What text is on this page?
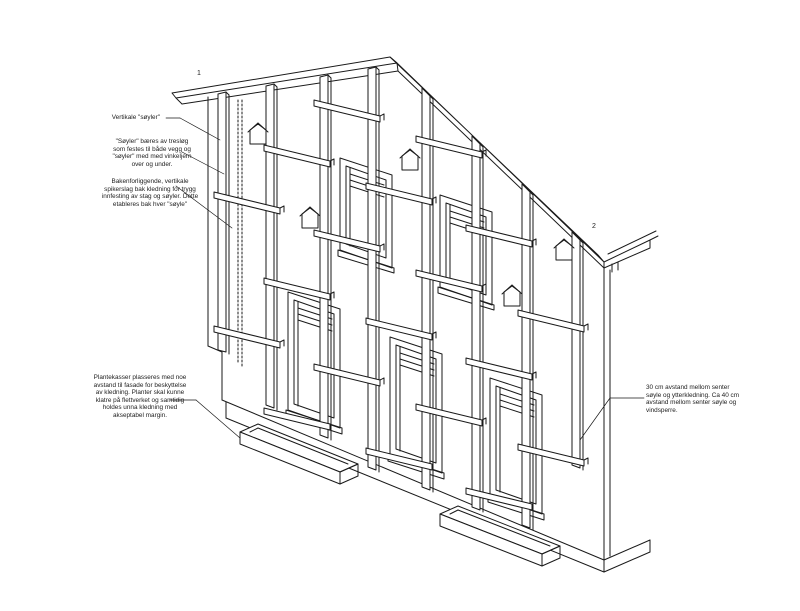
1
2
Vertikale "søyler"
"Søyler" bæres av tresløg
som festes til både vegg og
"søyler" med med vinkeljern
over og under.
Bakenforliggende, vertikale
spikerslag bak kledning for trygg
innfesting av stag og søyler. Dette
etableres bak hver "søyle"
Plantekasser plasseres med noe
avstand til fasade for beskyttelse
av kledning. Planter skal kunne
klatre på flettverket og samtidig
holdes unna kledning med
akseptabel margin.
30 cm avstand mellom senter
søyle og ytterkledning. Ca 40 cm
avstand mellom senter søyle og
vindsperre.
